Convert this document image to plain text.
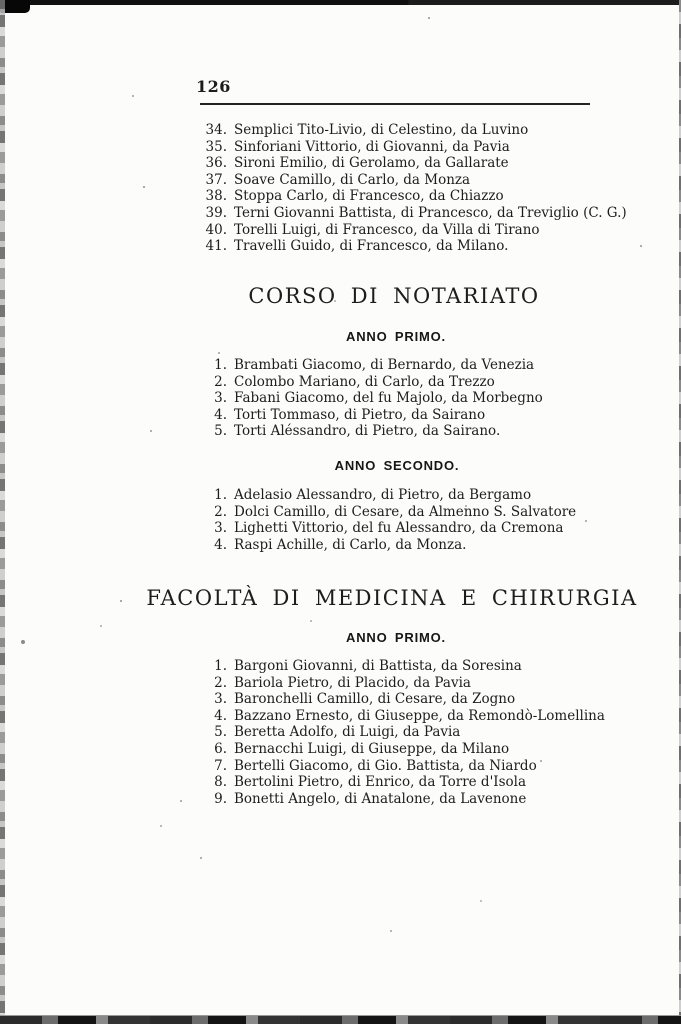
126
34. Semplici Tito-Livio, di Celestino, da Luvino
35. Sinforiani Vittorio, di Giovanni, da Pavia
36. Sironi Emilio, di Gerolamo, da Gallarate
37. Soave Camillo, di Carlo, da Monza
38. Stoppa Carlo, di Francesco, da Chiazzo
39. Terni Giovanni Battista, di Prancesco, da Treviglio (C. G.)
40. Torelli Luigi, di Francesco, da Villa di Tirano
41. Travelli Guido, di Francesco, da Milano.
CORSO DI NOTARIATO
ANNO PRIMO.
1. Brambati Giacomo, di Bernardo, da Venezia
2. Colombo Mariano, di Carlo, da Trezzo
3. Fabani Giacomo, del fu Majolo, da Morbegno
4. Torti Tommaso, di Pietro, da Sairano
5. Torti Aléssandro, di Pietro, da Sairano.
ANNO SECONDO.
1. Adelasio Alessandro, di Pietro, da Bergamo
2. Dolci Camillo, di Cesare, da Almenno S. Salvatore
3. Lighetti Vittorio, del fu Alessandro, da Cremona
4. Raspi Achille, di Carlo, da Monza.
FACOLTÀ DI MEDICINA E CHIRURGIA
ANNO PRIMO.
1. Bargoni Giovanni, di Battista, da Soresina
2. Bariola Pietro, di Placido, da Pavia
3. Baronchelli Camillo, di Cesare, da Zogno
4. Bazzano Ernesto, di Giuseppe, da Remondò-Lomellina
5. Beretta Adolfo, di Luigi, da Pavia
6. Bernacchi Luigi, di Giuseppe, da Milano
7. Bertelli Giacomo, di Gio. Battista, da Niardo
8. Bertolini Pietro, di Enrico, da Torre d'Isola
9. Bonetti Angelo, di Anatalone, da Lavenone
